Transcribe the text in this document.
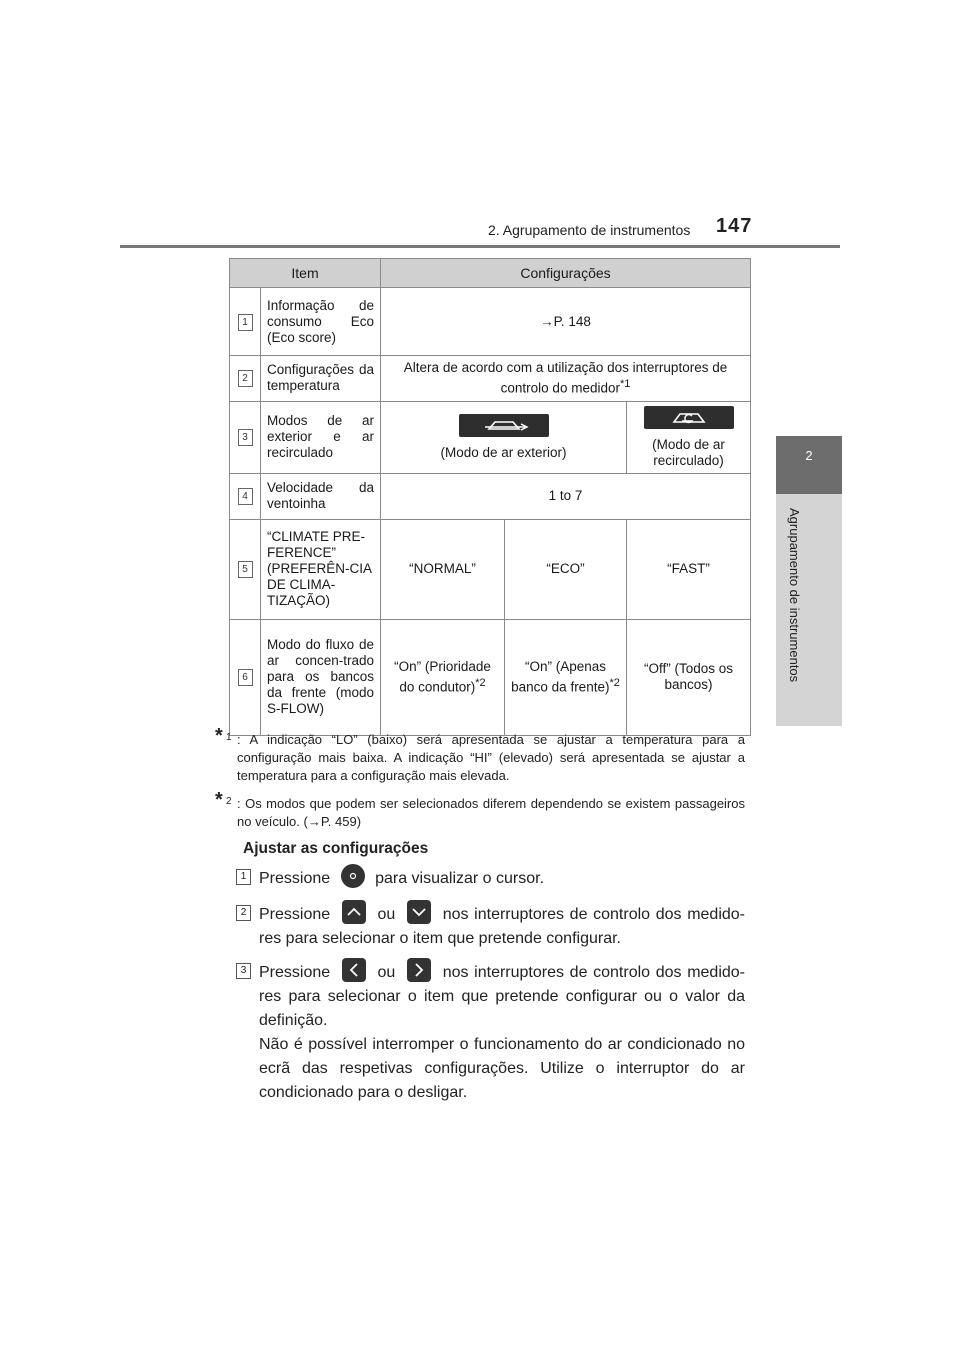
2. Agrupamento de instrumentos 147
2
Agrupamento de instrumentos
Item		Configurações		
1	Informação de consumo Eco (Eco score)	→P. 148		
2	Configurações da temperatura	Altera de acordo com a utilização dos interruptores de controlo do medidor$^{*1}$
3	Modos de ar exterior e ar recirculado	(Modo de ar exterior)		(Modo de ar recirculado)
4	Velocidade da ventoinha	1 to 7		
5	“CLIMATE PRE-FERENCE” (PREFERÊN-CIA DE CLIMA-TIZAÇÃO)	“NORMAL”	“ECO”	“FAST”
6	Modo do fluxo de ar concen-trado para os bancos da frente (modo S-FLOW)	“On” (Prioridade do condutor)$^{*2}$	“On” (Apenas banco da frente)$^{*2}$	“Off” (Todos os bancos)
* 1 : A indicação “LO” (baixo) será apresentada se ajustar a temperatura para a configuração mais baixa. A indicação “HI” (elevado) será apresentada se ajustar a temperatura para a configuração mais elevada.
* 2 : Os modos que podem ser selecionados diferem dependendo se existem passageiros no veículo. (→P. 459)
Ajustar as configurações
1 Pressione	para visualizar o cursor.
2 Pressione	ou	nos interruptores de controlo dos medido-res para selecionar o item que pretende configurar.
3 Pressione	ou	nos interruptores de controlo dos medido-res para selecionar o item que pretende configurar ou o valor da definição.
Não é possível interromper o funcionamento do ar condicionado no ecrã das respetivas configurações. Utilize o interruptor do ar condicionado para o desligar.
